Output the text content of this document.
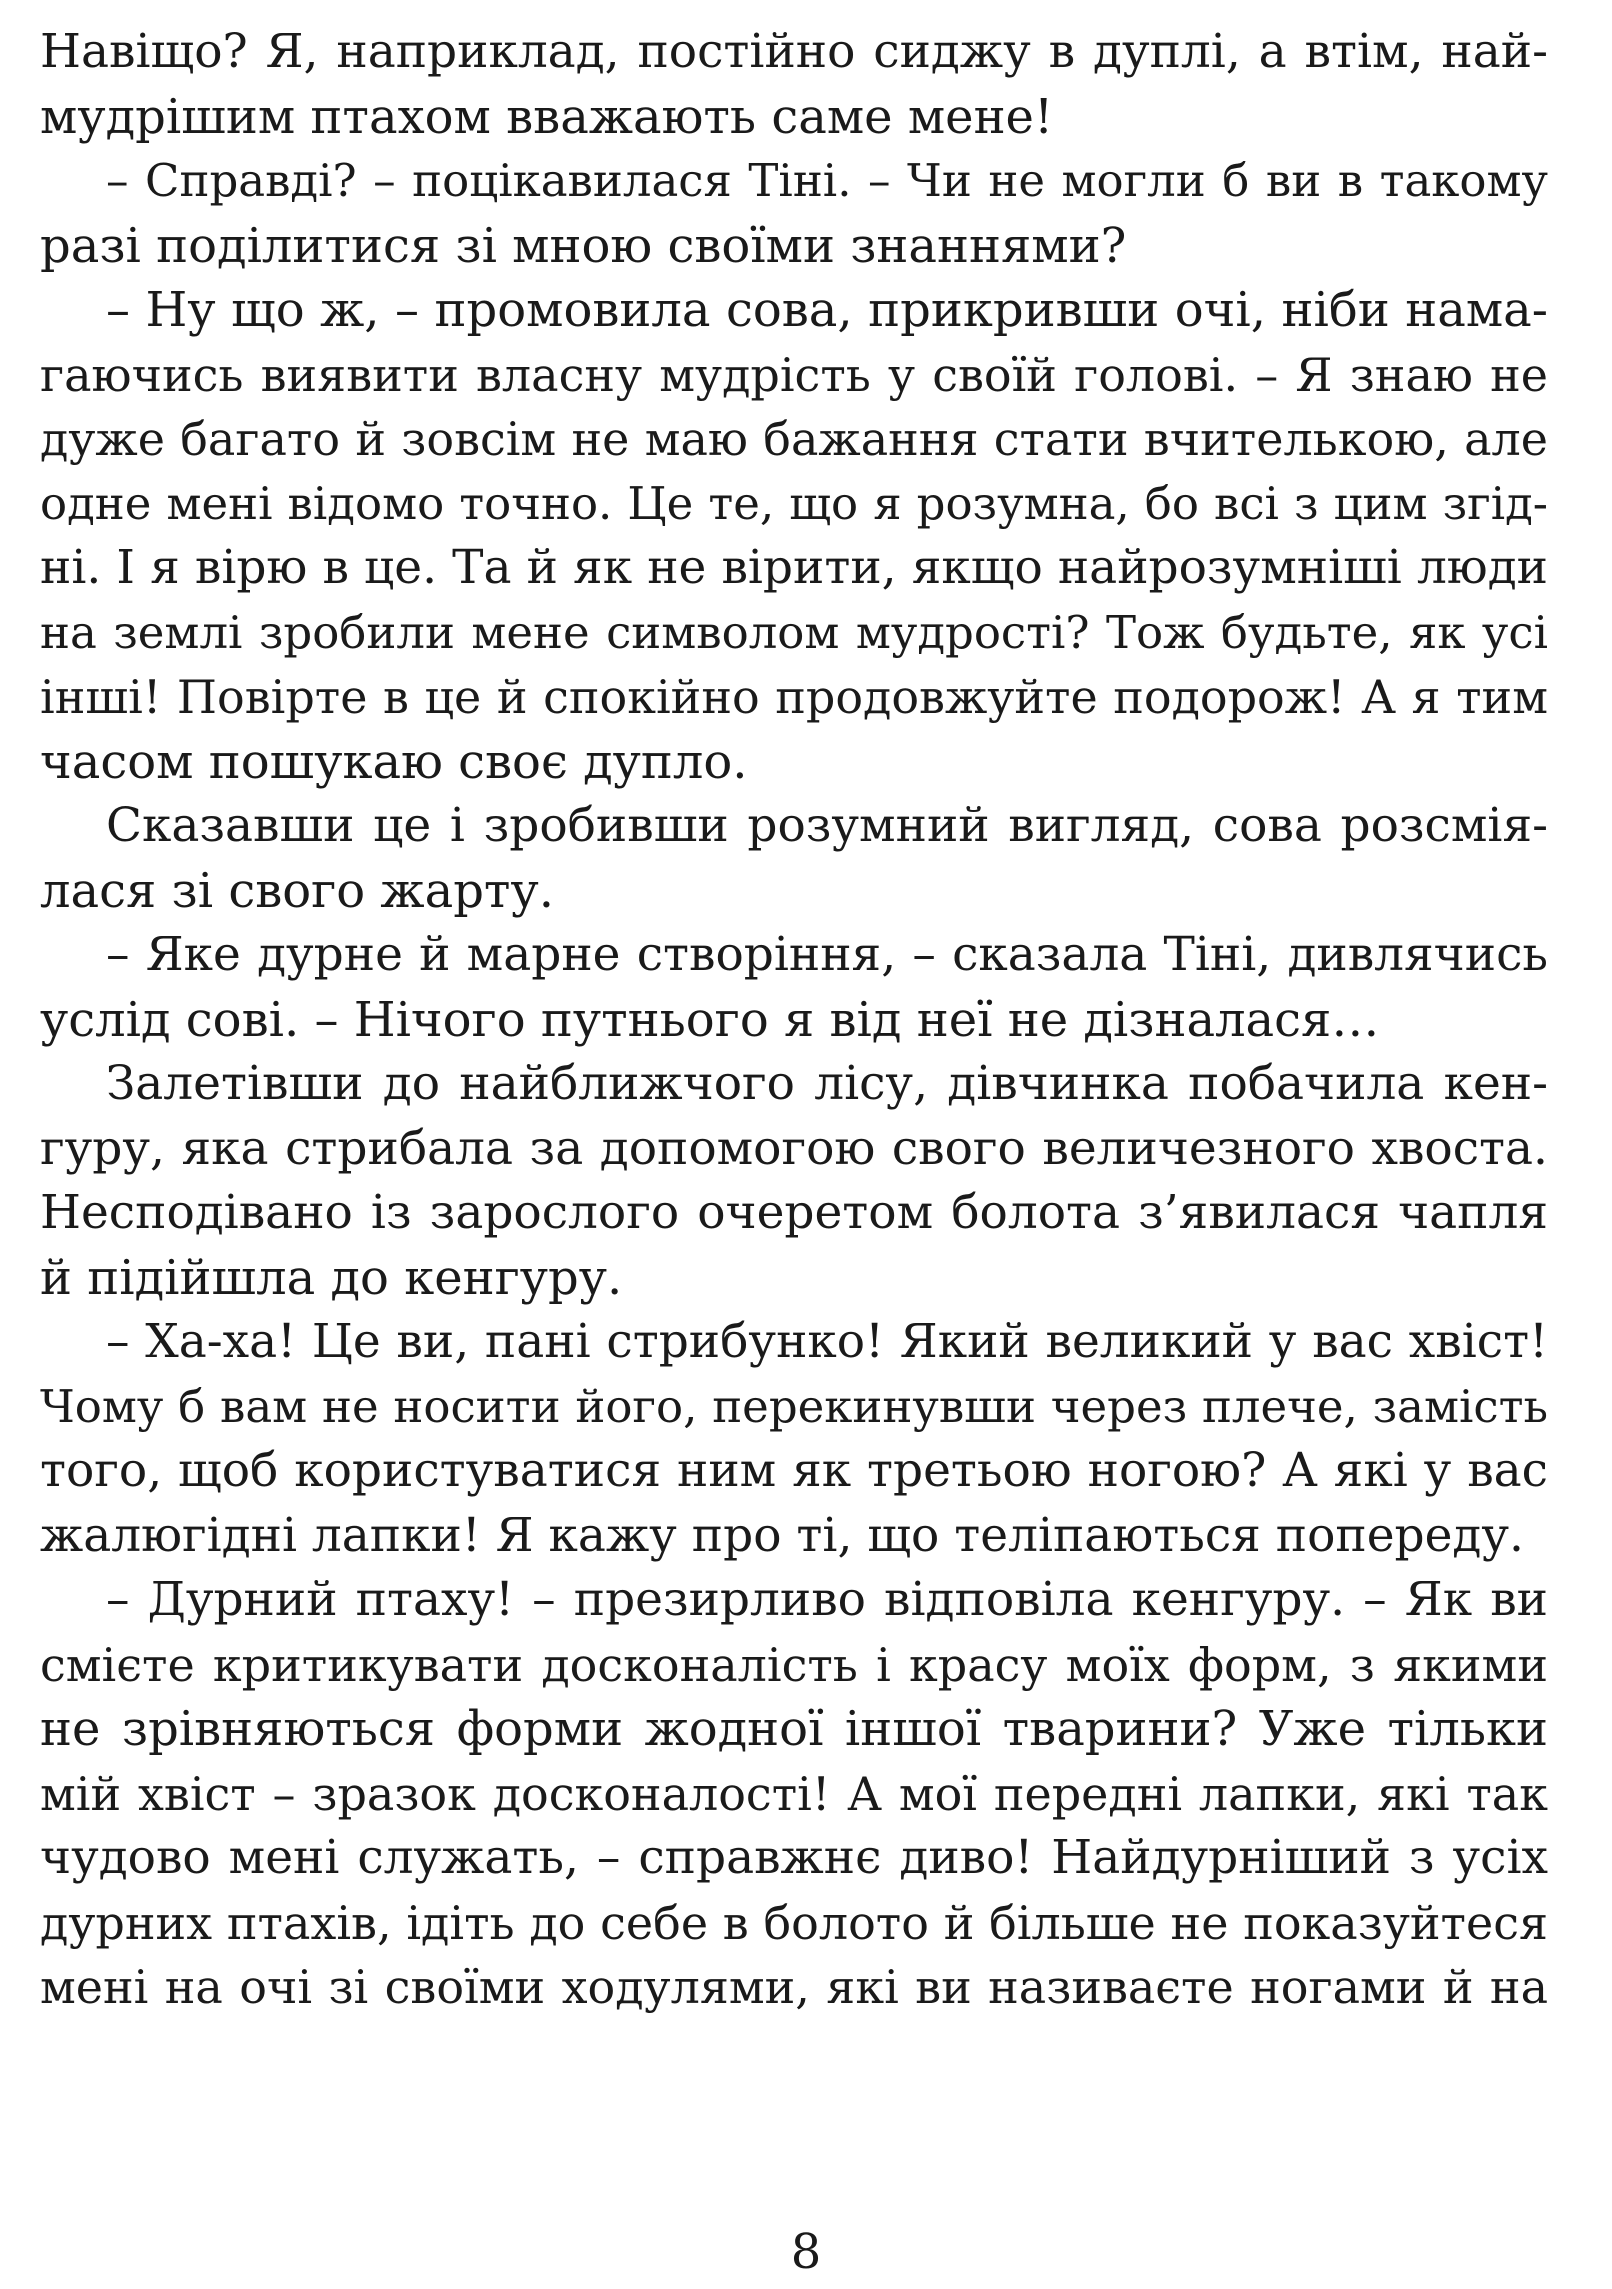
Навіщо? Я, наприклад, постійно сиджу в дуплі, а втім, най-
мудрішим птахом вважають саме мене!
– Справді? – поцікавилася Тіні. – Чи не могли б ви в такому
разі поділитися зі мною своїми знаннями?
– Ну що ж, – промовила сова, прикривши очі, ніби нама-
гаючись виявити власну мудрість у своїй голові. – Я знаю не
дуже багато й зовсім не маю бажання стати вчителькою, але
одне мені відомо точно. Це те, що я розумна, бо всі з цим згід-
ні. І я вірю в це. Та й як не вірити, якщо найрозумніші люди
на землі зробили мене символом мудрості? Тож будьте, як усі
інші! Повірте в це й спокійно продовжуйте подорож! А я тим
часом пошукаю своє дупло.
Сказавши це і зробивши розумний вигляд, сова розсмія-
лася зі свого жарту.
– Яке дурне й марне створіння, – сказала Тіні, дивлячись
услід сові. – Нічого путнього я від неї не дізналася…
Залетівши до найближчого лісу, дівчинка побачила кен-
гуру, яка стрибала за допомогою свого величезного хвоста.
Несподівано із зарослого очеретом болота з’явилася чапля
й підійшла до кенгуру.
– Ха-ха! Це ви, пані стрибунко! Який великий у вас хвіст!
Чому б вам не носити його, перекинувши через плече, замість
того, щоб користуватися ним як третьою ногою? А які у вас
жалюгідні лапки! Я кажу про ті, що теліпаються попереду.
– Дурний птаху! – презирливо відповіла кенгуру. – Як ви
смієте критикувати досконалість і красу моїх форм, з якими
не зрівняються форми жодної іншої тварини? Уже тільки
мій хвіст – зразок досконалості! А мої передні лапки, які так
чудово мені служать, – справжнє диво! Найдурніший з усіх
дурних птахів, ідіть до себе в болото й більше не показуйтеся
мені на очі зі своїми ходулями, які ви називаєте ногами й на
8
